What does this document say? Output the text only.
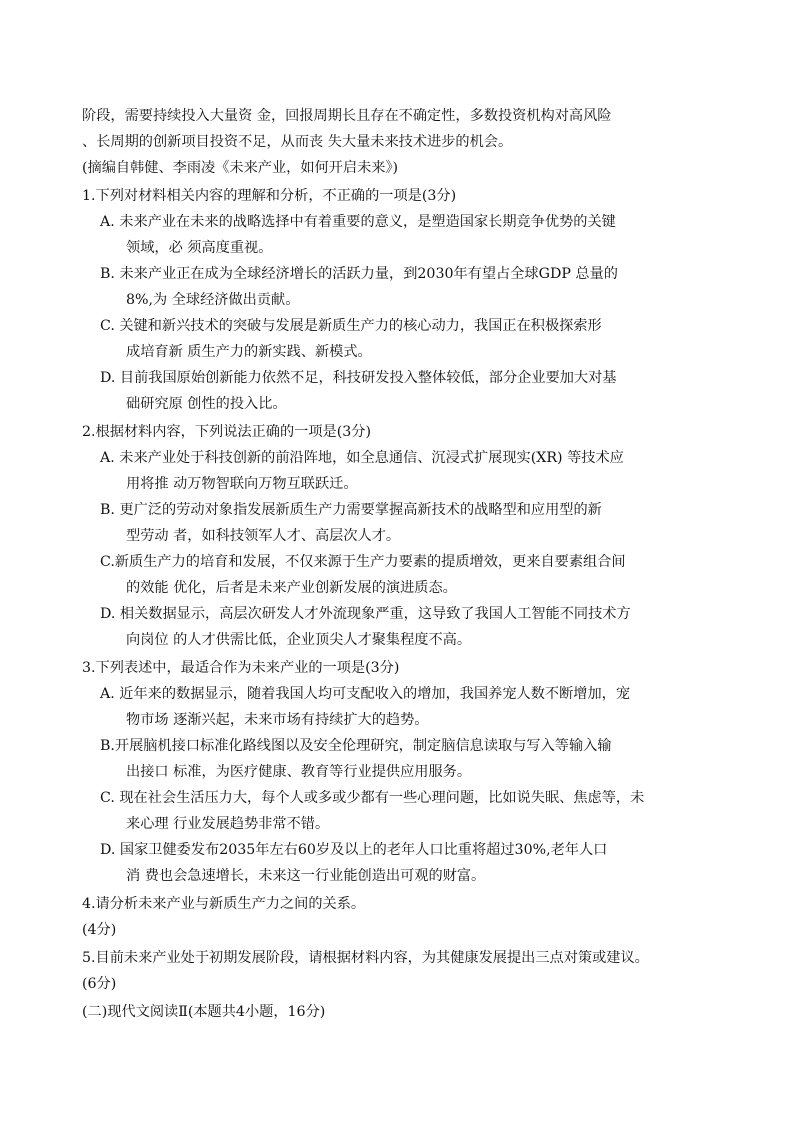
阶段，需要持续投入大量资 金，回报周期长且存在不确定性，多数投资机构对高风险

、长周期的创新项目投资不足，从而丧 失大量未来技术进步的机会。

(摘编自韩健、李雨凌《未来产业，如何开启未来》)

1.下列对材料相关内容的理解和分析，不正确的一项是(3分)

A. 未来产业在未来的战略选择中有着重要的意义，是塑造国家长期竞争优势的关键
领域，必 须高度重视。

B. 未来产业正在成为全球经济增长的活跃力量，到2030年有望占全球GDP 总量的
8%,为 全球经济做出贡献。

C. 关键和新兴技术的突破与发展是新质生产力的核心动力，我国正在积极探索形
成培育新 质生产力的新实践、新模式。

D. 目前我国原始创新能力依然不足，科技研发投入整体较低，部分企业要加大对基
础研究原 创性的投入比。

2.根据材料内容，下列说法正确的一项是(3分)

A. 未来产业处于科技创新的前沿阵地，如全息通信、沉浸式扩展现实(XR) 等技术应
用将推 动万物智联向万物互联跃迁。

B. 更广泛的劳动对象指发展新质生产力需要掌握高新技术的战略型和应用型的新
型劳动 者，如科技领军人才、高层次人才。

C.新质生产力的培育和发展，不仅来源于生产力要素的提质增效，更来自要素组合间
的效能 优化，后者是未来产业创新发展的演进质态。

D. 相关数据显示，高层次研发人才外流现象严重，这导致了我国人工智能不同技术方
向岗位 的人才供需比低，企业顶尖人才聚集程度不高。

3.下列表述中，最适合作为未来产业的一项是(3分)

A. 近年来的数据显示，随着我国人均可支配收入的增加，我国养宠人数不断增加，宠
物市场 逐渐兴起，未来市场有持续扩大的趋势。

B.开展脑机接口标准化路线图以及安全伦理研究，制定脑信息读取与写入等输入输
出接口 标准，为医疗健康、教育等行业提供应用服务。

C. 现在社会生活压力大，每个人或多或少都有一些心理问题，比如说失眠、焦虑等，未
来心理 行业发展趋势非常不错。

D. 国家卫健委发布2035年左右60岁及以上的老年人口比重将超过30%,老年人口
消 费也会急速增长，未来这一行业能创造出可观的财富。

4.请分析未来产业与新质生产力之间的关系。

(4分)

5.目前未来产业处于初期发展阶段，请根据材料内容，为其健康发展提出三点对策或建议。

(6分)

(二)现代文阅读Ⅱ(本题共4小题，16分)
